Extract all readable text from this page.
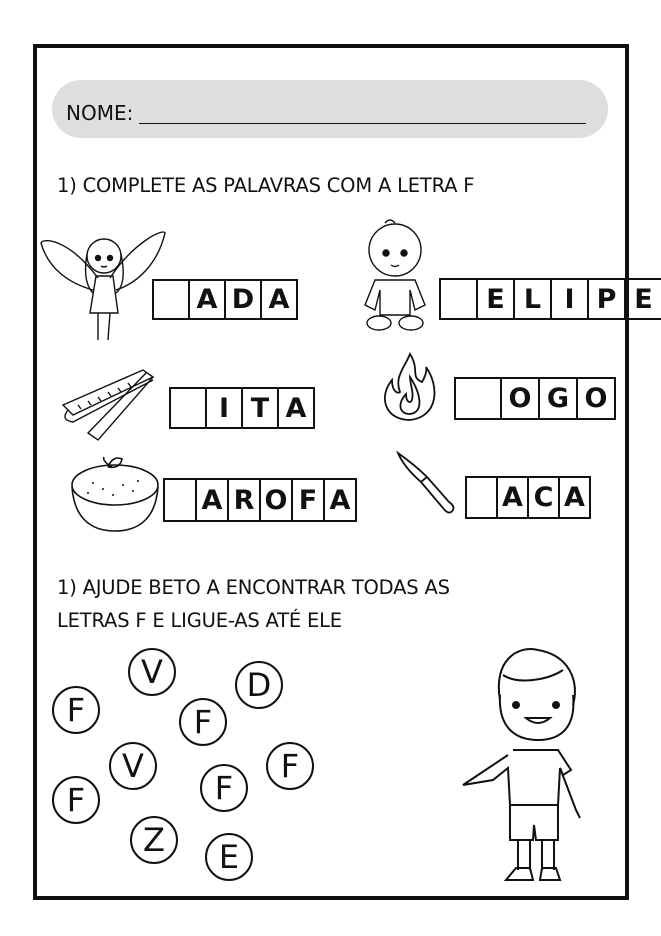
NOME:
1) COMPLETE AS PALAVRAS COM A LETRA F
A D A	E L I P E
I T A	O G O
A R O F A	A C A
1) AJUDE BETO A ENCONTRAR TODAS AS
LETRAS F E LIGUE-AS ATÉ ELE
F
V	D
F
V	F
F	F
Z	E
